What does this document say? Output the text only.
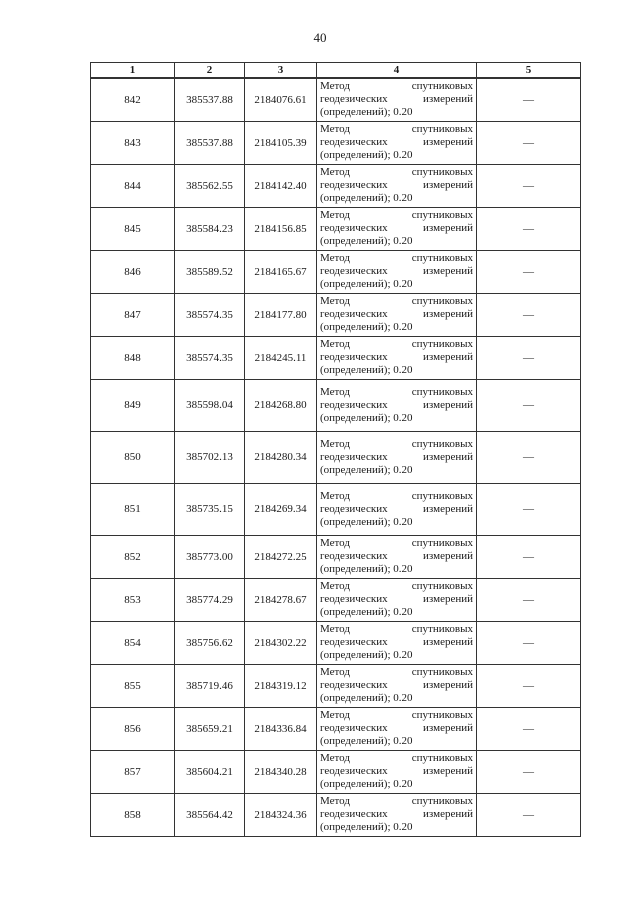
40
1	2	3	4	5
842	385537.88	2184076.61	Метод спутниковых геодезических измерений (определений); 0.20	—
843	385537.88	2184105.39	Метод спутниковых геодезических измерений (определений); 0.20	—
844	385562.55	2184142.40	Метод спутниковых геодезических измерений (определений); 0.20	—
845	385584.23	2184156.85	Метод спутниковых геодезических измерений (определений); 0.20	—
846	385589.52	2184165.67	Метод спутниковых геодезических измерений (определений); 0.20	—
847	385574.35	2184177.80	Метод спутниковых геодезических измерений (определений); 0.20	—
848	385574.35	2184245.11	Метод спутниковых геодезических измерений (определений); 0.20	—
849	385598.04	2184268.80	Метод спутниковых геодезических измерений (определений); 0.20	—
850	385702.13	2184280.34	Метод спутниковых геодезических измерений (определений); 0.20	—
851	385735.15	2184269.34	Метод спутниковых геодезических измерений (определений); 0.20	—
852	385773.00	2184272.25	Метод спутниковых геодезических измерений (определений); 0.20	—
853	385774.29	2184278.67	Метод спутниковых геодезических измерений (определений); 0.20	—
854	385756.62	2184302.22	Метод спутниковых геодезических измерений (определений); 0.20	—
855	385719.46	2184319.12	Метод спутниковых геодезических измерений (определений); 0.20	—
856	385659.21	2184336.84	Метод спутниковых геодезических измерений (определений); 0.20	—
857	385604.21	2184340.28	Метод спутниковых геодезических измерений (определений); 0.20	—
858	385564.42	2184324.36	Метод спутниковых геодезических измерений (определений); 0.20	—
